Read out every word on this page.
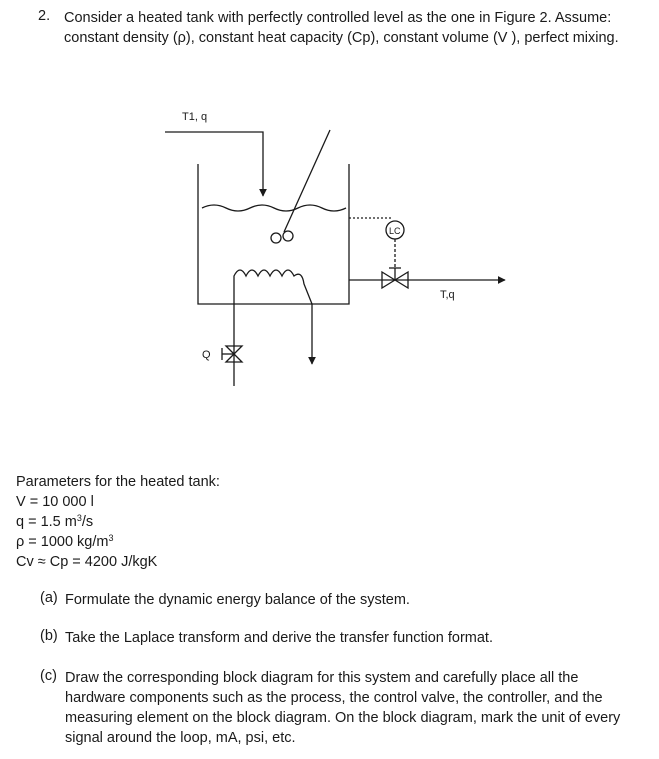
2. Consider a heated tank with perfectly controlled level as the one in Figure 2. Assume:
constant density (ρ), constant heat capacity (Cp), constant volume (V ), perfect mixing.
T1, q
T,q
Q
LC
Parameters for the heated tank:
V = 10 000 l
q = 1.5 $m^3/s$
ρ = 1000 $kg/m^3$
Cv ≈ Cp = 4200 J/kgK
(a) Formulate the dynamic energy balance of the system.
(b) Take the Laplace transform and derive the transfer function format.
(c) Draw the corresponding block diagram for this system and carefully place all the
hardware components such as the process, the control valve, the controller, and the
measuring element on the block diagram. On the block diagram, mark the unit of every
signal around the loop, mA, psi, etc.
